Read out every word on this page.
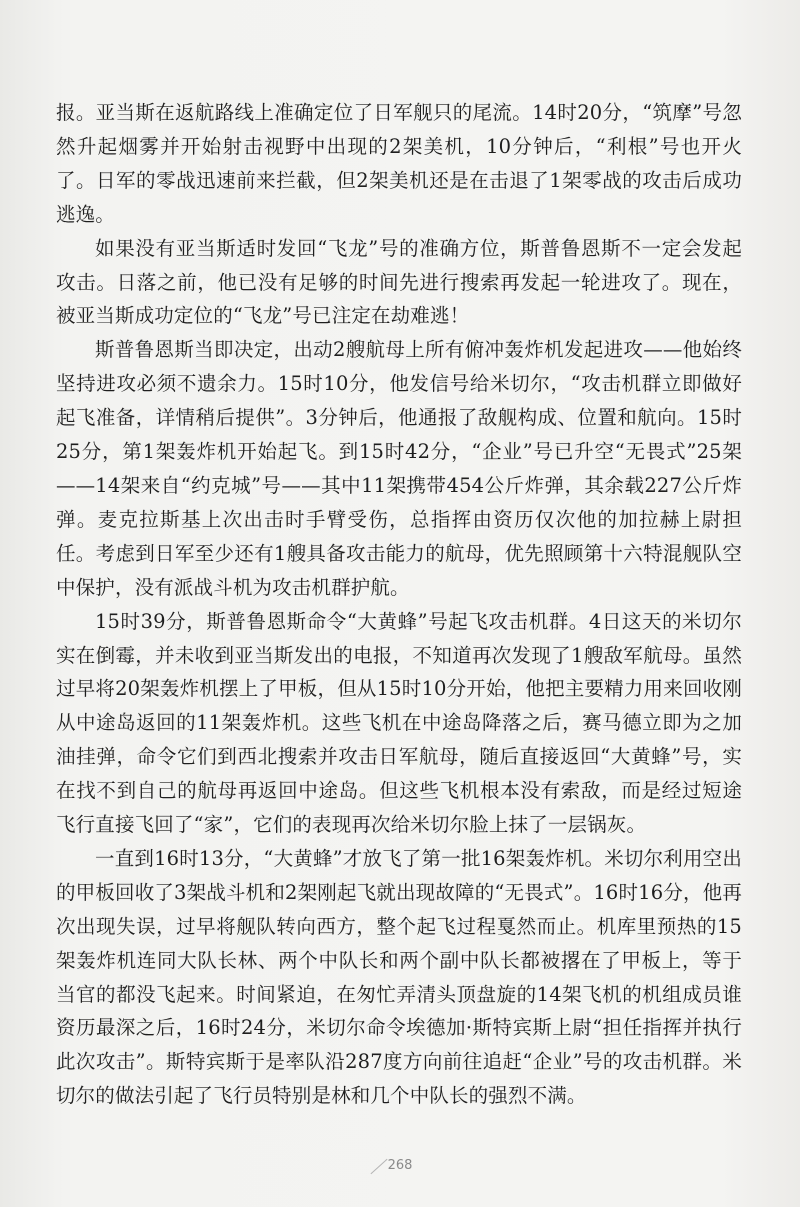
报。亚当斯在返航路线上准确定位了日军舰只的尾流。14时20分，“筑摩”号忽然升起烟雾并开始射击视野中出现的2架美机，10分钟后，“利根”号也开火了。日军的零战迅速前来拦截，但2架美机还是在击退了1架零战的攻击后成功逃逸。

如果没有亚当斯适时发回“飞龙”号的准确方位，斯普鲁恩斯不一定会发起攻击。日落之前，他已没有足够的时间先进行搜索再发起一轮进攻了。现在，被亚当斯成功定位的“飞龙”号已注定在劫难逃！

斯普鲁恩斯当即决定，出动2艘航母上所有俯冲轰炸机发起进攻——他始终坚持进攻必须不遗余力。15时10分，他发信号给米切尔，“攻击机群立即做好起飞准备，详情稍后提供”。3分钟后，他通报了敌舰构成、位置和航向。15时25分，第1架轰炸机开始起飞。到15时42分，“企业”号已升空“无畏式”25架——14架来自“约克城”号——其中11架携带454公斤炸弹，其余载227公斤炸弹。麦克拉斯基上次出击时手臂受伤，总指挥由资历仅次他的加拉赫上尉担任。考虑到日军至少还有1艘具备攻击能力的航母，优先照顾第十六特混舰队空中保护，没有派战斗机为攻击机群护航。

15时39分，斯普鲁恩斯命令“大黄蜂”号起飞攻击机群。4日这天的米切尔实在倒霉，并未收到亚当斯发出的电报，不知道再次发现了1艘敌军航母。虽然过早将20架轰炸机摆上了甲板，但从15时10分开始，他把主要精力用来回收刚从中途岛返回的11架轰炸机。这些飞机在中途岛降落之后，赛马德立即为之加油挂弹，命令它们到西北搜索并攻击日军航母，随后直接返回“大黄蜂”号，实在找不到自己的航母再返回中途岛。但这些飞机根本没有索敌，而是经过短途飞行直接飞回了“家”，它们的表现再次给米切尔脸上抹了一层锅灰。

一直到16时13分，“大黄蜂”才放飞了第一批16架轰炸机。米切尔利用空出的甲板回收了3架战斗机和2架刚起飞就出现故障的“无畏式”。16时16分，他再次出现失误，过早将舰队转向西方，整个起飞过程戛然而止。机库里预热的15架轰炸机连同大队长林、两个中队长和两个副中队长都被撂在了甲板上，等于当官的都没飞起来。时间紧迫，在匆忙弄清头顶盘旋的14架飞机的机组成员谁资历最深之后，16时24分，米切尔命令埃德加·斯特宾斯上尉“担任指挥并执行此次攻击”。斯特宾斯于是率队沿287度方向前往追赶“企业”号的攻击机群。米切尔的做法引起了飞行员特别是林和几个中队长的强烈不满。

268
